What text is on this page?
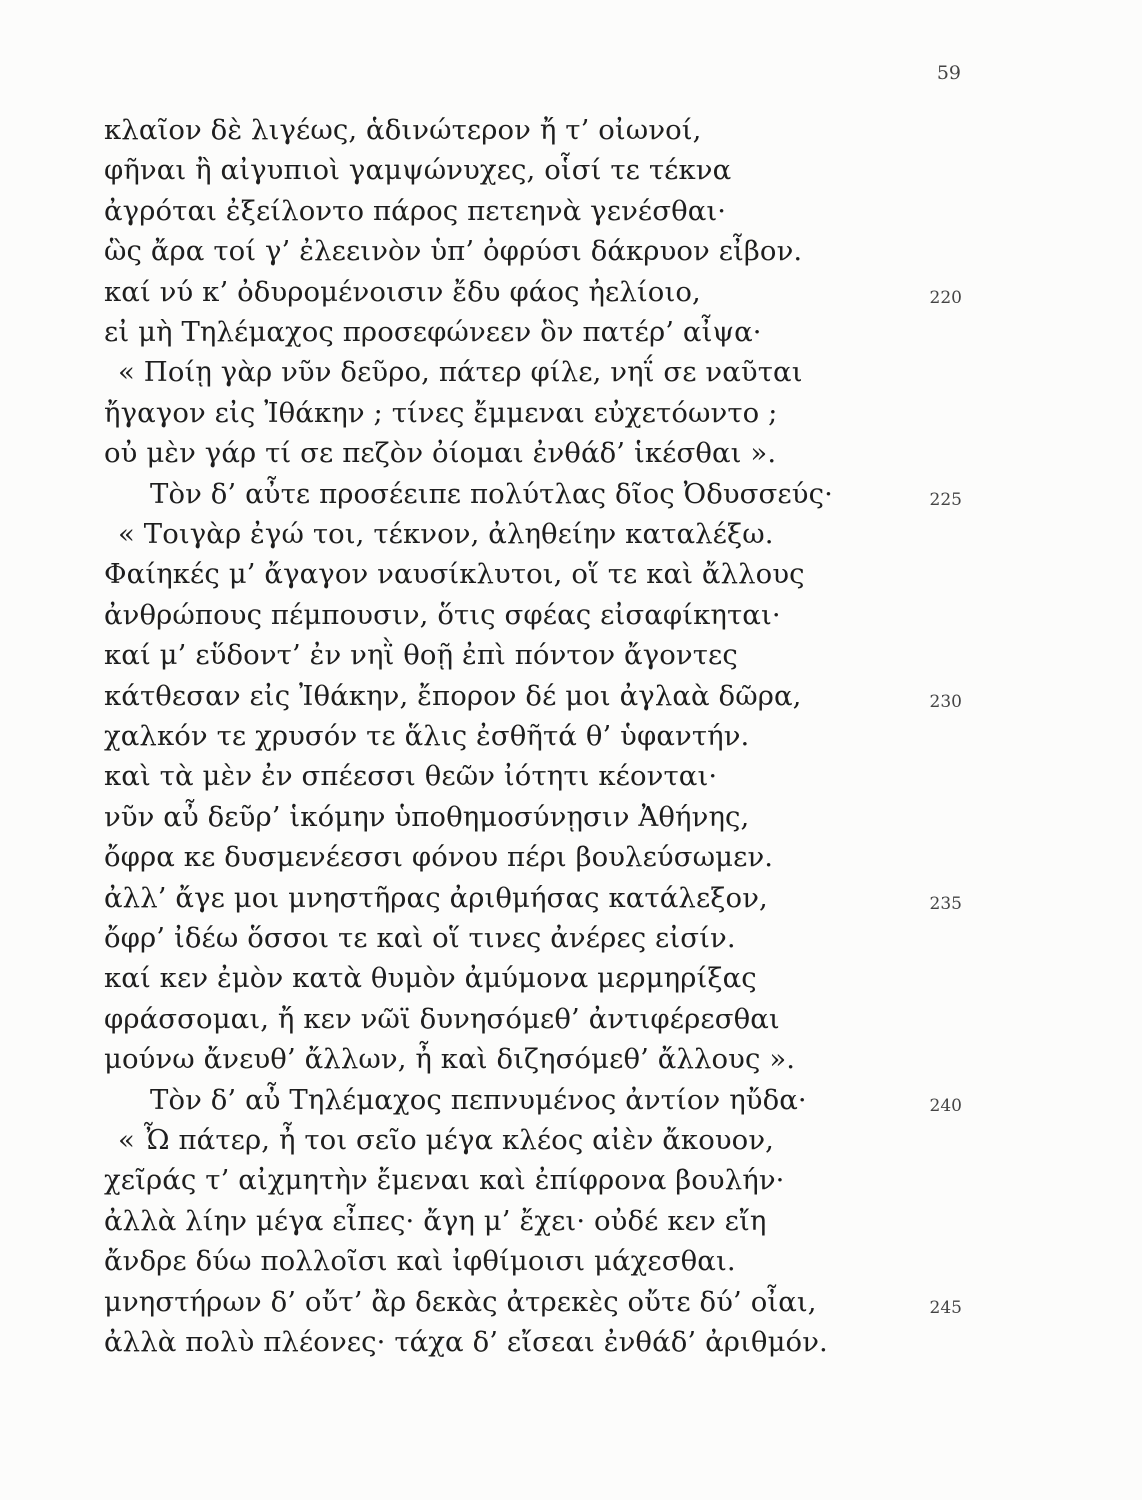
59
κλαῖον δὲ λιγέως, ἁδινώτερον ἤ τ’ οἰωνοί,
φῆναι ἢ αἰγυπιοὶ γαμψώνυχες, οἷσί τε τέκνα
ἀγρόται ἐξείλοντο πάρος πετεηνὰ γενέσθαι·
ὣς ἄρα τοί γ’ ἐλεεινὸν ὑπ’ ὀφρύσι δάκρυον εἶβον.
καί νύ κ’ ὀδυρομένοισιν ἔδυ φάος ἠελίοιο,	220
εἰ μὴ Τηλέμαχος προσεφώνεεν ὃν πατέρ’ αἶψα·
« Ποίῃ γὰρ νῦν δεῦρο, πάτερ φίλε, νηΐ σε ναῦται
ἤγαγον εἰς Ἰθάκην ; τίνες ἔμμεναι εὐχετόωντο ;
οὐ μὲν γάρ τί σε πεζὸν ὀίομαι ἐνθάδ’ ἱκέσθαι ».
Τὸν δ’ αὖτε προσέειπε πολύτλας δῖος Ὀδυσσεύς·	225
« Τοιγὰρ ἐγώ τοι, τέκνον, ἀληθείην καταλέξω.
Φαίηκές μ’ ἄγαγον ναυσίκλυτοι, οἵ τε καὶ ἄλλους
ἀνθρώπους πέμπουσιν, ὅτις σφέας εἰσαφίκηται·
καί μ’ εὕδοντ’ ἐν νηῒ θοῇ ἐπὶ πόντον ἄγοντες
κάτθεσαν εἰς Ἰθάκην, ἔπορον δέ μοι ἀγλαὰ δῶρα,	230
χαλκόν τε χρυσόν τε ἅλις ἐσθῆτά θ’ ὑφαντήν.
καὶ τὰ μὲν ἐν σπέεσσι θεῶν ἰότητι κέονται·
νῦν αὖ δεῦρ’ ἱκόμην ὑποθημοσύνῃσιν Ἀθήνης,
ὄφρα κε δυσμενέεσσι φόνου πέρι βουλεύσωμεν.
ἀλλ’ ἄγε μοι μνηστῆρας ἀριθμήσας κατάλεξον,	235
ὄφρ’ ἰδέω ὅσσοι τε καὶ οἵ τινες ἀνέρες εἰσίν.
καί κεν ἐμὸν κατὰ θυμὸν ἀμύμονα μερμηρίξας
φράσσομαι, ἤ κεν νῶϊ δυνησόμεθ’ ἀντιφέρεσθαι
μούνω ἄνευθ’ ἄλλων, ἦ καὶ διζησόμεθ’ ἄλλους ».
Τὸν δ’ αὖ Τηλέμαχος πεπνυμένος ἀντίον ηὔδα·	240
« Ὦ πάτερ, ἦ τοι σεῖο μέγα κλέος αἰὲν ἄκουον,
χεῖράς τ’ αἰχμητὴν ἔμεναι καὶ ἐπίφρονα βουλήν·
ἀλλὰ λίην μέγα εἶπες· ἄγη μ’ ἔχει· οὐδέ κεν εἴη
ἄνδρε δύω πολλοῖσι καὶ ἰφθίμοισι μάχεσθαι.
μνηστήρων δ’ οὔτ’ ἂρ δεκὰς ἀτρεκὲς οὔτε δύ’ οἶαι,	245
ἀλλὰ πολὺ πλέονες· τάχα δ’ εἴσεαι ἐνθάδ’ ἀριθμόν.
